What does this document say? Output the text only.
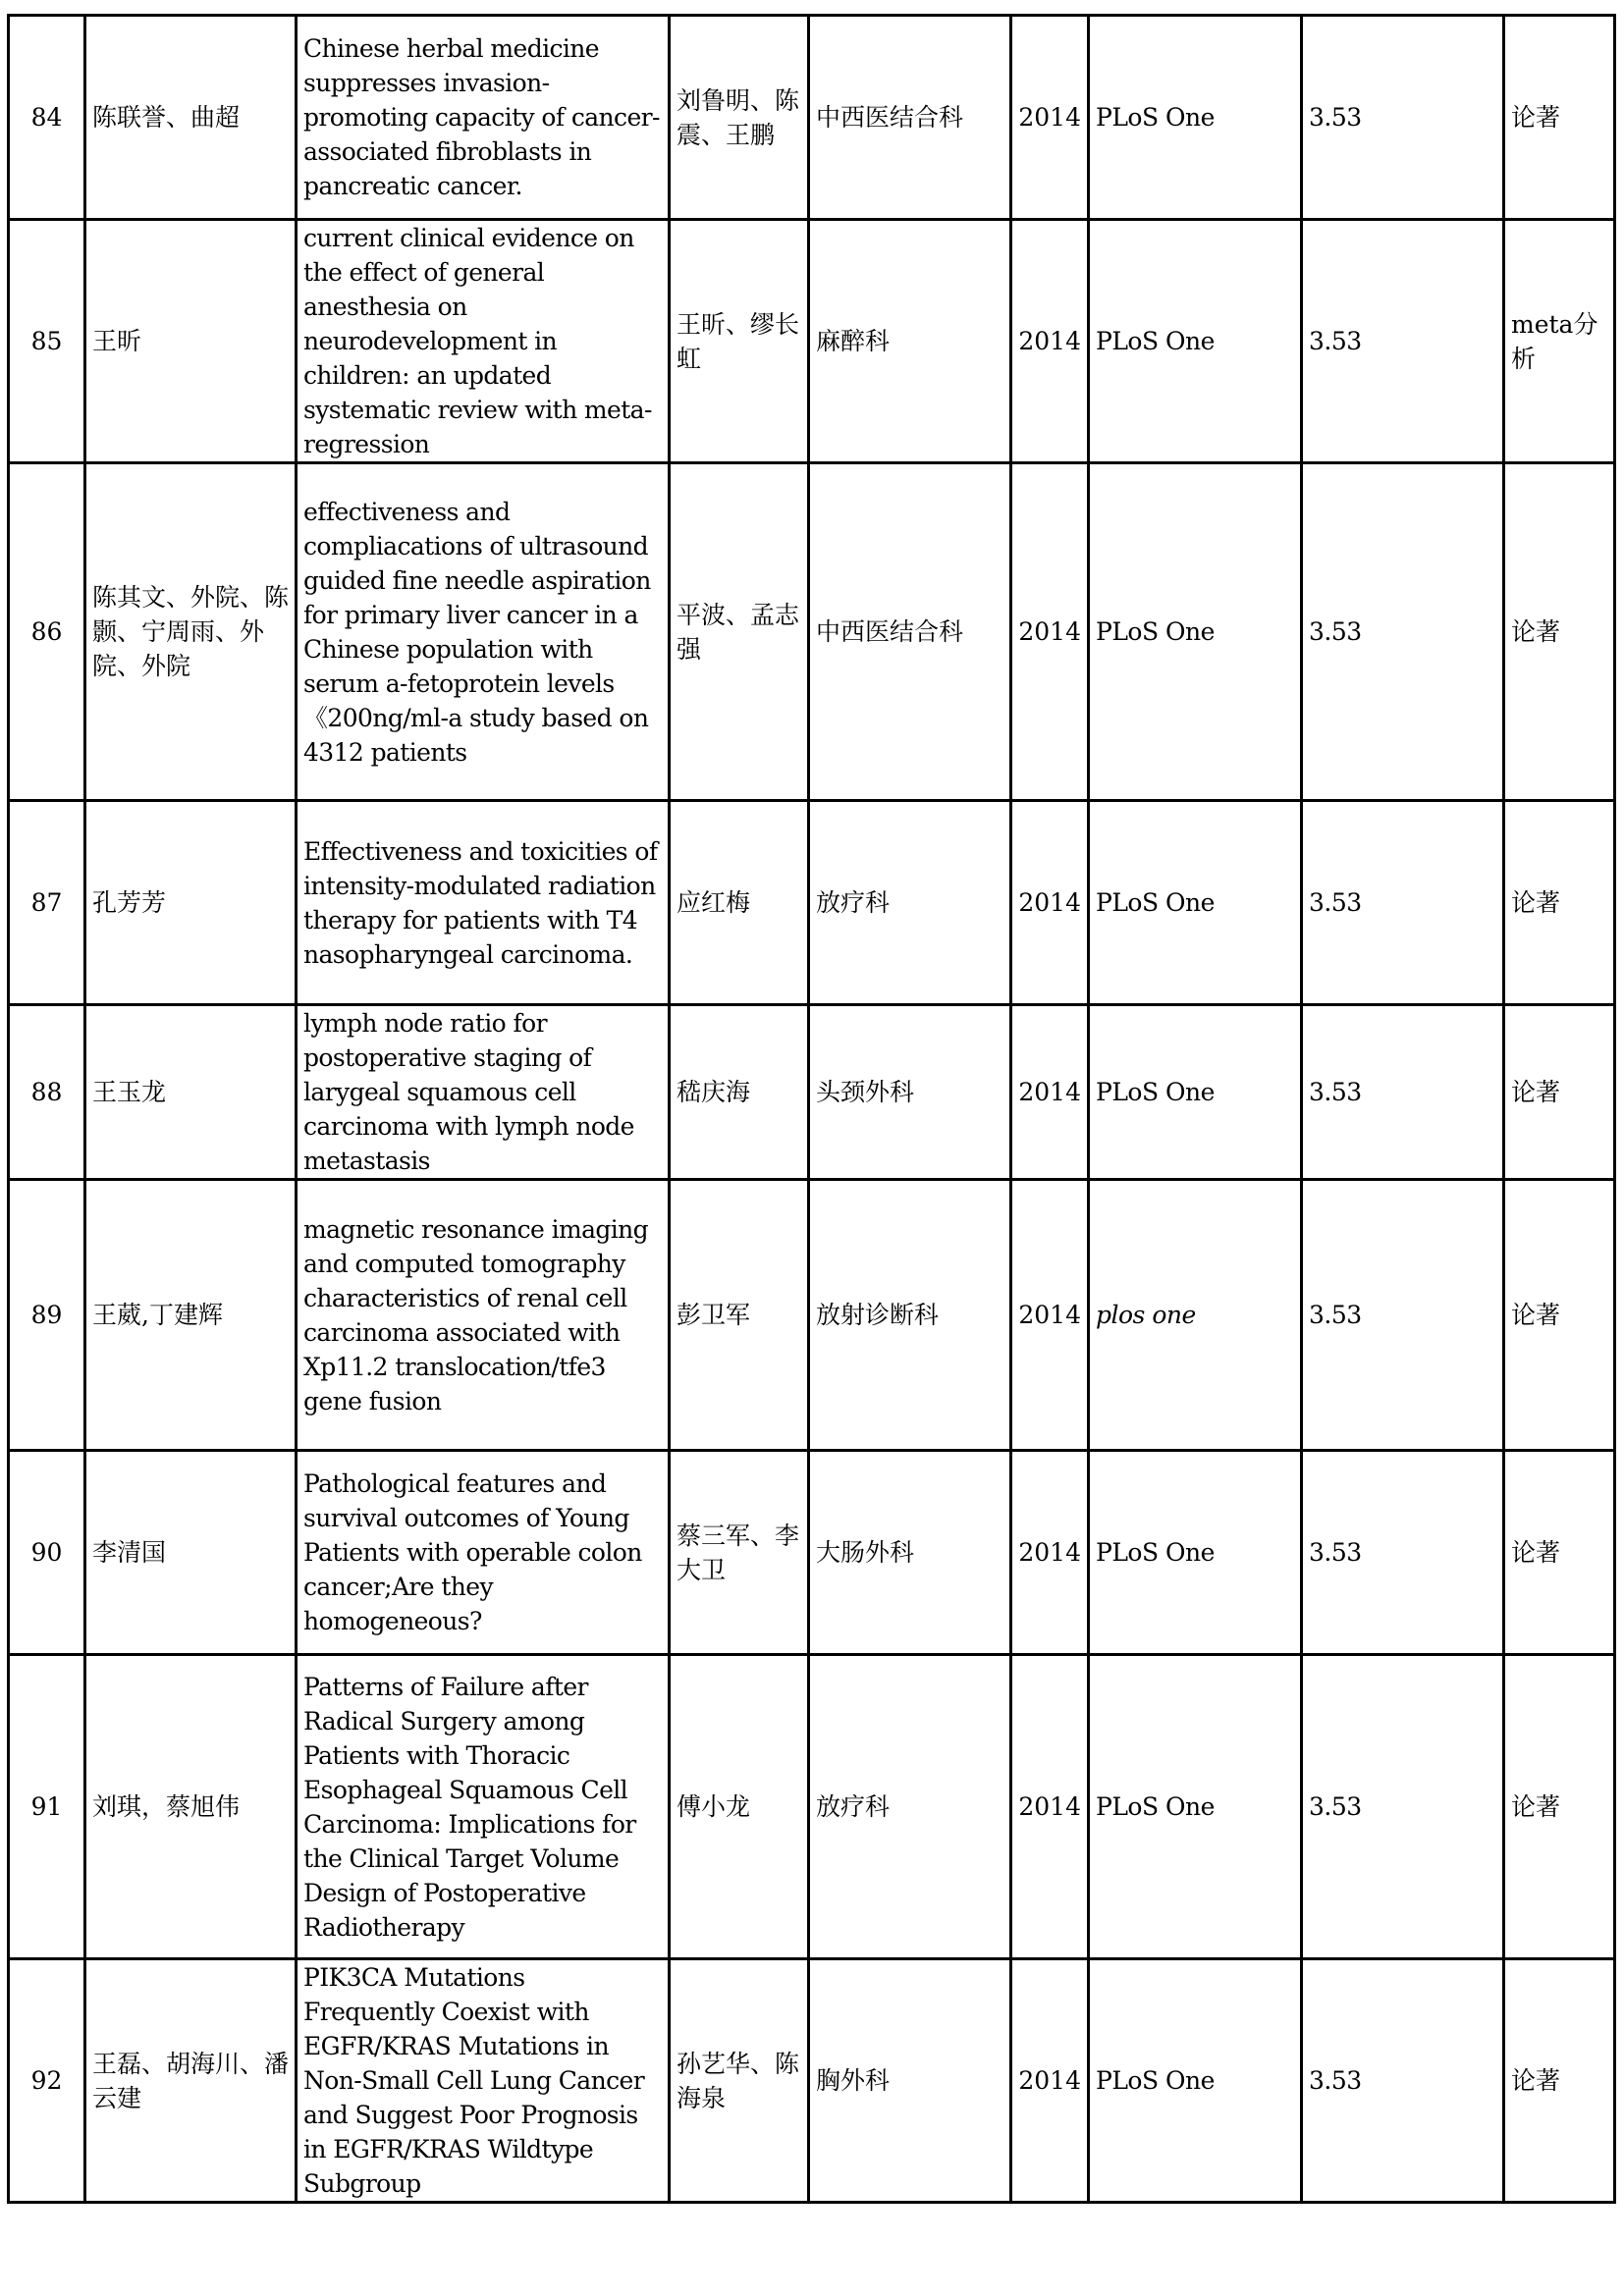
84	陈联誉、曲超	Chinese herbal medicine suppresses invasion-promoting capacity of cancer-associated fibroblasts in pancreatic cancer.	刘鲁明、陈震、王鹏	中西医结合科	2014	PLoS One	3.53	论著
85	王昕	current clinical evidence on the effect of general anesthesia on neurodevelopment in children: an updated systematic review with meta-regression	王昕、缪长虹	麻醉科	2014	PLoS One	3.53	meta分析
86	陈其文、外院、陈颢、宁周雨、外院、外院	effectiveness and compliacations of ultrasound guided fine needle aspiration for primary liver cancer in a Chinese population with serum a-fetoprotein levels 《200ng/ml-a study based on 4312 patients	平波、孟志强	中西医结合科	2014	PLoS One	3.53	论著
87	孔芳芳	Effectiveness and toxicities of intensity-modulated radiation therapy for patients with T4 nasopharyngeal carcinoma.	应红梅	放疗科	2014	PLoS One	3.53	论著
88	王玉龙	lymph node ratio for postoperative staging of larygeal squamous cell carcinoma with lymph node metastasis	嵇庆海	头颈外科	2014	PLoS One	3.53	论著
89	王葳,丁建辉	magnetic resonance imaging and computed tomography characteristics of renal cell carcinoma associated with Xp11.2 translocation/tfe3 gene fusion	彭卫军	放射诊断科	2014	plos one	3.53	论著
90	李清国	Pathological features and survival outcomes of Young Patients with operable colon cancer;Are they homogeneous?	蔡三军、李大卫	大肠外科	2014	PLoS One	3.53	论著
91	刘琪，蔡旭伟	Patterns of Failure after Radical Surgery among Patients with Thoracic Esophageal Squamous Cell Carcinoma: Implications for the Clinical Target Volume Design of Postoperative Radiotherapy	傅小龙	放疗科	2014	PLoS One	3.53	论著
92	王磊、胡海川、潘云建	PIK3CA Mutations Frequently Coexist with EGFR/KRAS Mutations in Non-Small Cell Lung Cancer and Suggest Poor Prognosis in EGFR/KRAS Wildtype Subgroup	孙艺华、陈海泉	胸外科	2014	PLoS One	3.53	论著
